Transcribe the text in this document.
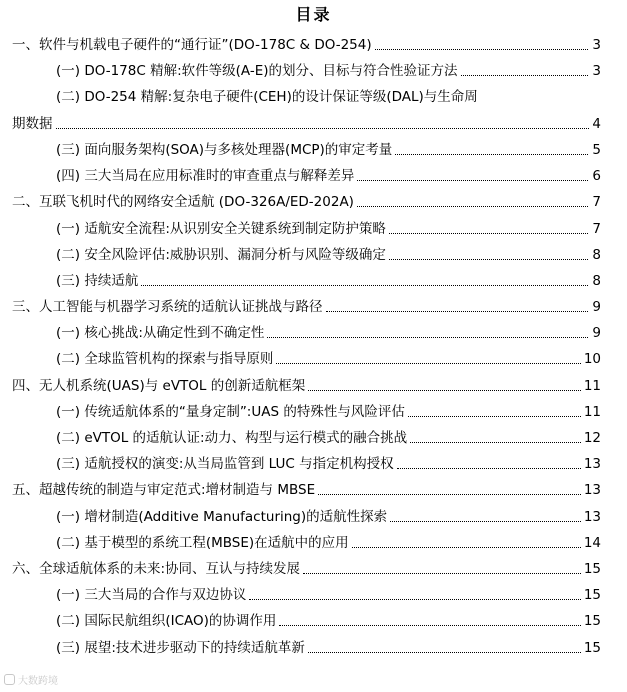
目录
一、软件与机载电子硬件的“通行证”(DO-178C & DO-254)	3
(一) DO-178C 精解:软件等级(A-E)的划分、目标与符合性验证方法	3
(二) DO-254 精解:复杂电子硬件(CEH)的设计保证等级(DAL)与生命周
期数据	4
(三) 面向服务架构(SOA)与多核处理器(MCP)的审定考量	5
(四) 三大当局在应用标准时的审查重点与解释差异	6
二、互联飞机时代的网络安全适航 (DO-326A/ED-202A)	7
(一) 适航安全流程:从识别安全关键系统到制定防护策略	7
(二) 安全风险评估:威胁识别、漏洞分析与风险等级确定	8
(三) 持续适航	8
三、人工智能与机器学习系统的适航认证挑战与路径	9
(一) 核心挑战:从确定性到不确定性	9
(二) 全球监管机构的探索与指导原则	10
四、无人机系统(UAS)与 eVTOL 的创新适航框架	11
(一) 传统适航体系的“量身定制”:UAS 的特殊性与风险评估	11
(二) eVTOL 的适航认证:动力、构型与运行模式的融合挑战	12
(三) 适航授权的演变:从当局监管到 LUC 与指定机构授权	13
五、超越传统的制造与审定范式:增材制造与 MBSE	13
(一) 增材制造(Additive Manufacturing)的适航性探索	13
(二) 基于模型的系统工程(MBSE)在适航中的应用	14
六、全球适航体系的未来:协同、互认与持续发展	15
(一) 三大当局的合作与双边协议	15
(二) 国际民航组织(ICAO)的协调作用	15
(三) 展望:技术进步驱动下的持续适航革新	15
大数跨境
